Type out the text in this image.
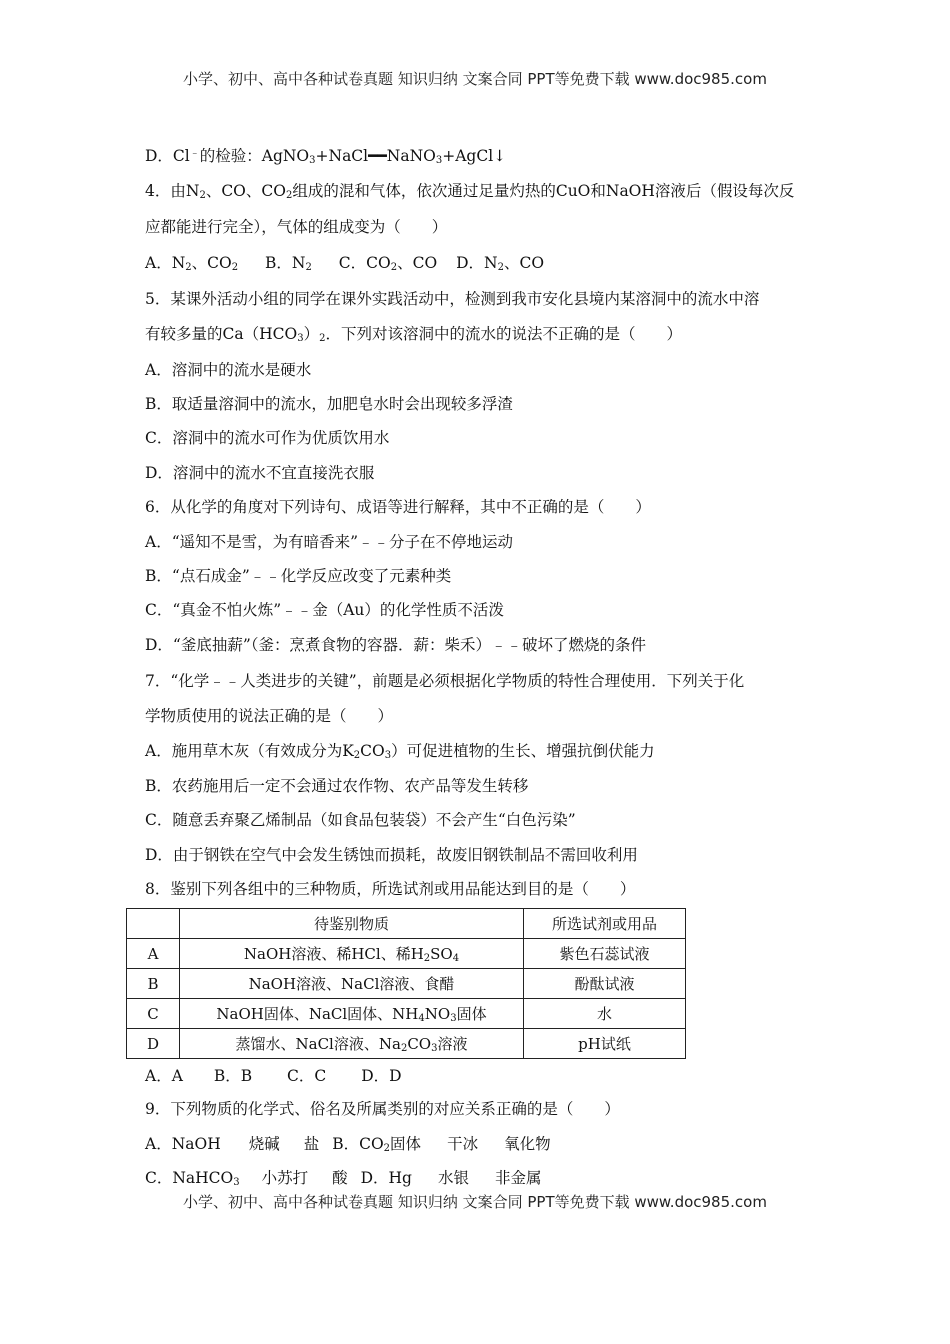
小学、初中、高中各种试卷真题 知识归纳 文案合同 PPT等免费下载 www.doc985.com
D．Cl﹣的检验：AgNO$_3$+NaCl━━NaNO$_3$+AgCl↓
4．由$N_2$、CO、$CO_2$组成的混和气体，依次通过足量灼热的CuO和NaOH溶液后（假设每次反
应都能进行完全），气体的组成变为（　　）
A．$N_2$、$CO_2$ B．$N_2$ C．$CO_2$、CO D．$N_2$、CO
5．某课外活动小组的同学在课外实践活动中，检测到我市安化县境内某溶洞中的流水中溶
有较多量的$Ca(HCO_3)_2$．下列对该溶洞中的流水的说法不正确的是（　　）
A．溶洞中的流水是硬水
B．取适量溶洞中的流水，加肥皂水时会出现较多浮渣
C．溶洞中的流水可作为优质饮用水
D．溶洞中的流水不宜直接洗衣服
6．从化学的角度对下列诗句、成语等进行解释，其中不正确的是（　　）
A．“遥知不是雪，为有暗香来”﹣﹣分子在不停地运动
B．“点石成金”﹣﹣化学反应改变了元素种类
C．“真金不怕火炼”﹣﹣金（Au）的化学性质不活泼
D．“釜底抽薪”（釜：烹煮食物的容器．薪：柴禾）﹣﹣破坏了燃烧的条件
7．“化学﹣﹣人类进步的关键”，前题是必须根据化学物质的特性合理使用．下列关于化
学物质使用的说法正确的是（　　）
A．施用草木灰（有效成分为$K_2CO_3$）可促进植物的生长、增强抗倒伏能力
B．农药施用后一定不会通过农作物、农产品等发生转移
C．随意丢弃聚乙烯制品（如食品包装袋）不会产生“白色污染”
D．由于钢铁在空气中会发生锈蚀而损耗，故废旧钢铁制品不需回收利用
8．鉴别下列各组中的三种物质，所选试剂或用品能达到目的是（　　）
	待鉴别物质	所选试剂或用品
A	NaOH溶液、稀HCl、稀$H_2SO_4$	紫色石蕊试液
B	NaOH溶液、NaCl溶液、食醋	酚酞试液
C	NaOH固体、NaCl固体、$NH_4NO_3$固体	水
D	蒸馏水、NaCl溶液、$Na_2CO_3$溶液	pH试纸
A．A B．B C．C D．D
9．下列物质的化学式、俗名及所属类别的对应关系正确的是（　　）
A．NaOH 烧碱 盐 B．$CO_2$固体 干冰 氧化物
C．NaHCO$_3$ 小苏打 酸 D．Hg 水银 非金属
小学、初中、高中各种试卷真题 知识归纳 文案合同 PPT等免费下载 www.doc985.com
